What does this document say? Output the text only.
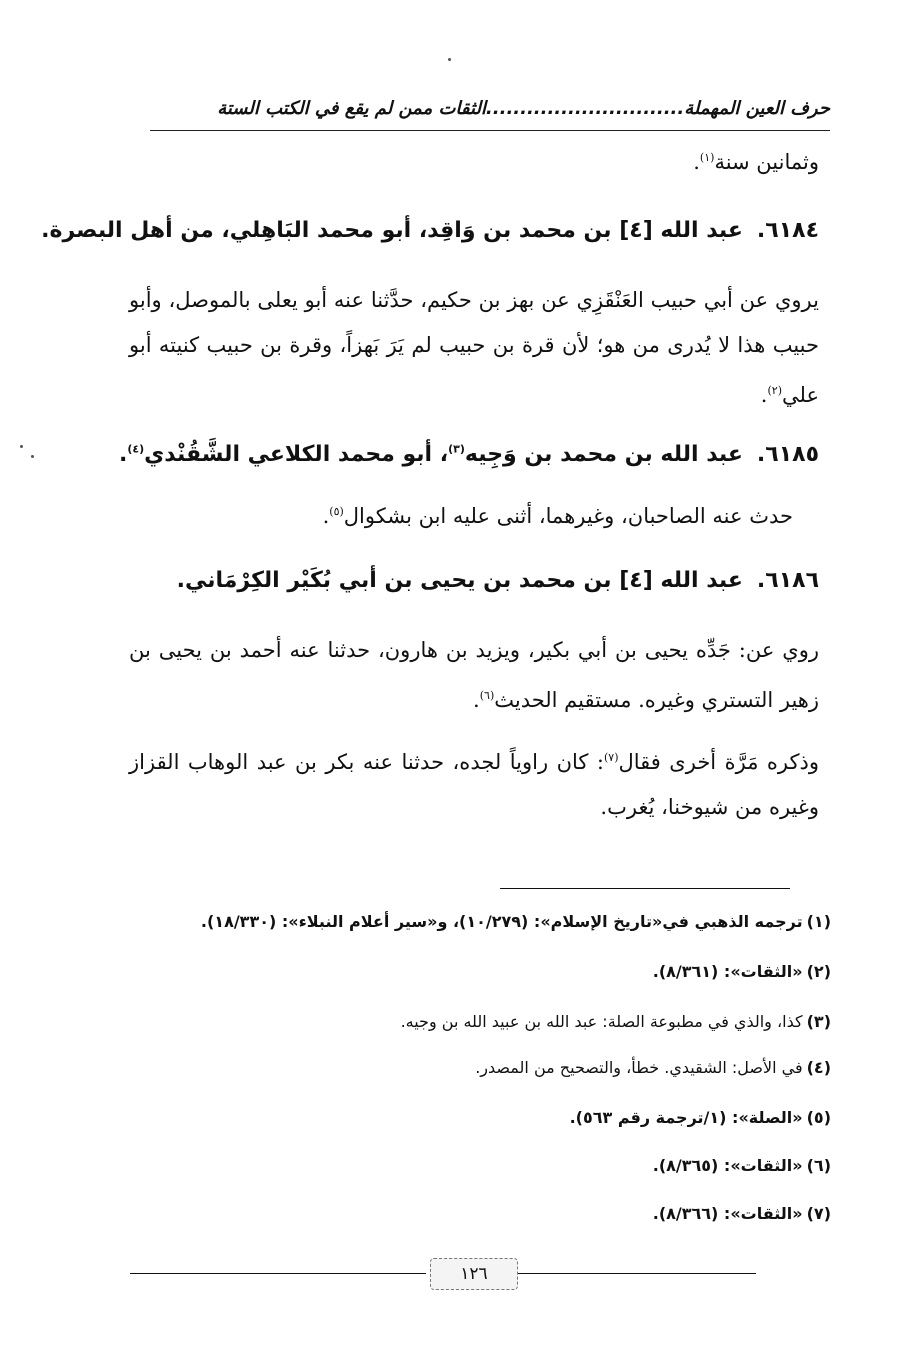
حرف العين المهملة.............................الثقات ممن لم يقع في الكتب الستة
وثمانين سنة$^{(١)}$.
٦١٨٤.عبد الله [٤] بن محمد بن وَاقِد، أبو محمد البَاهِلي، من أهل البصرة.
يروي عن أبي حبيب العَنْقَزِي عن بهز بن حكيم، حدَّثنا عنه أبو يعلى بالموصل، وأبو حبيب هذا لا يُدرى من هو؛ لأن قرة بن حبيب لم يَرَ بَهزاً، وقرة بن حبيب كنيته أبو علي$^{(٢)}$.
٦١٨٥.عبد الله بن محمد بن وَجِيه$^{(٣)}$، أبو محمد الكلاعي الشَّقُنْدي$^{(٤)}$.
حدث عنه الصاحبان، وغيرهما، أثنى عليه ابن بشكوال$^{(٥)}$.
٦١٨٦.عبد الله [٤] بن محمد بن يحيى بن أبي بُكَيْر الكِرْمَاني.
روي عن: جَدِّه يحيى بن أبي بكير، ويزيد بن هارون، حدثنا عنه أحمد بن يحيى بن زهير التستري وغيره. مستقيم الحديث$^{(٦)}$.
وذكره مَرَّة أخرى فقال$^{(٧)}$: كان راوياً لجده، حدثنا عنه بكر بن عبد الوهاب القزاز وغيره من شيوخنا، يُغرب.
(١)ترجمه الذهبي في«تاريخ الإسلام»: (١٠/٢٧٩)، و«سير أعلام النبلاء»: (١٨/٣٣٠).
(٢)«الثقات»: (٨/٣٦١).
(٣)كذا، والذي في مطبوعة الصلة: عبد الله بن عبيد الله بن وجيه.
(٤)في الأصل: الشقيدي. خطأ، والتصحيح من المصدر.
(٥)«الصلة»: (١/ترجمة رقم ٥٦٣).
(٦)«الثقات»: (٨/٣٦٥).
(٧)«الثقات»: (٨/٣٦٦).
١٢٦
